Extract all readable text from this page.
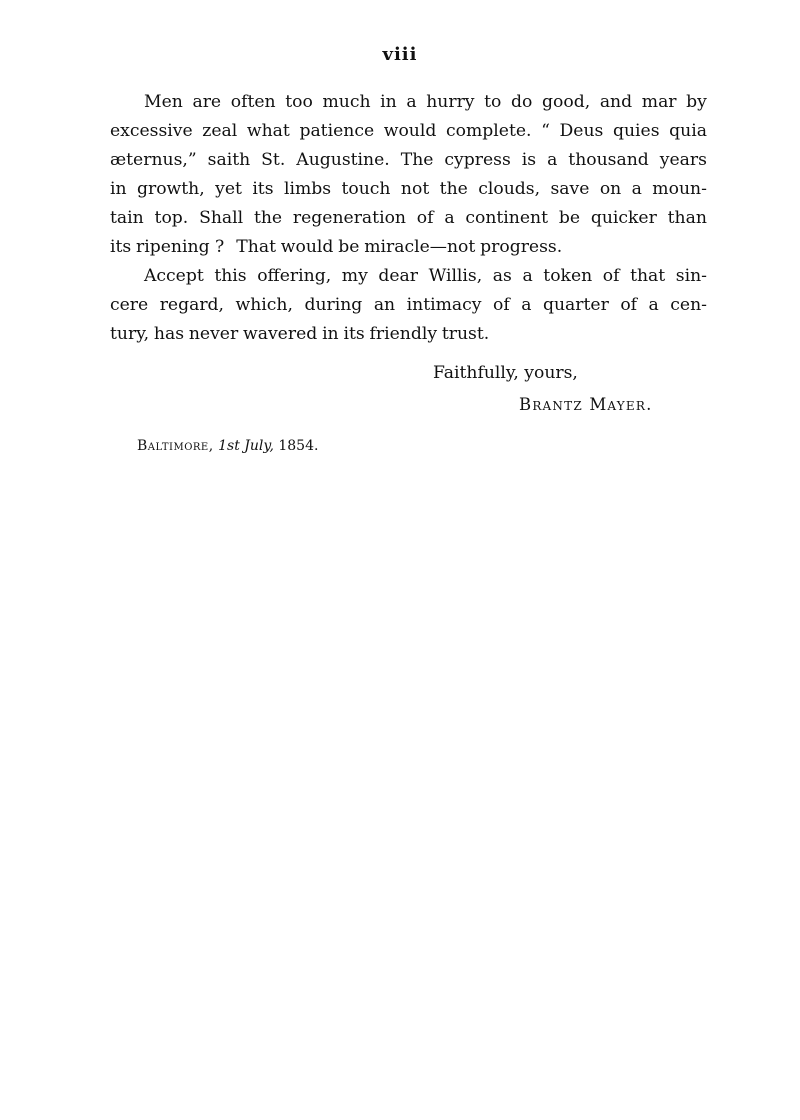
viii
Men are often too much in a hurry to do good, and mar by
excessive zeal what patience would complete. “ Deus quies quia
æternus,” saith St. Augustine. The cypress is a thousand years
in growth, yet its limbs touch not the clouds, save on a moun-
tain top. Shall the regeneration of a continent be quicker than
its ripening ? That would be miracle—not progress.
Accept this offering, my dear Willis, as a token of that sin-
cere regard, which, during an intimacy of a quarter of a cen-
tury, has never wavered in its friendly trust.
Faithfully, yours,
Brantz Mayer.
Baltimore, 1st July, 1854.
